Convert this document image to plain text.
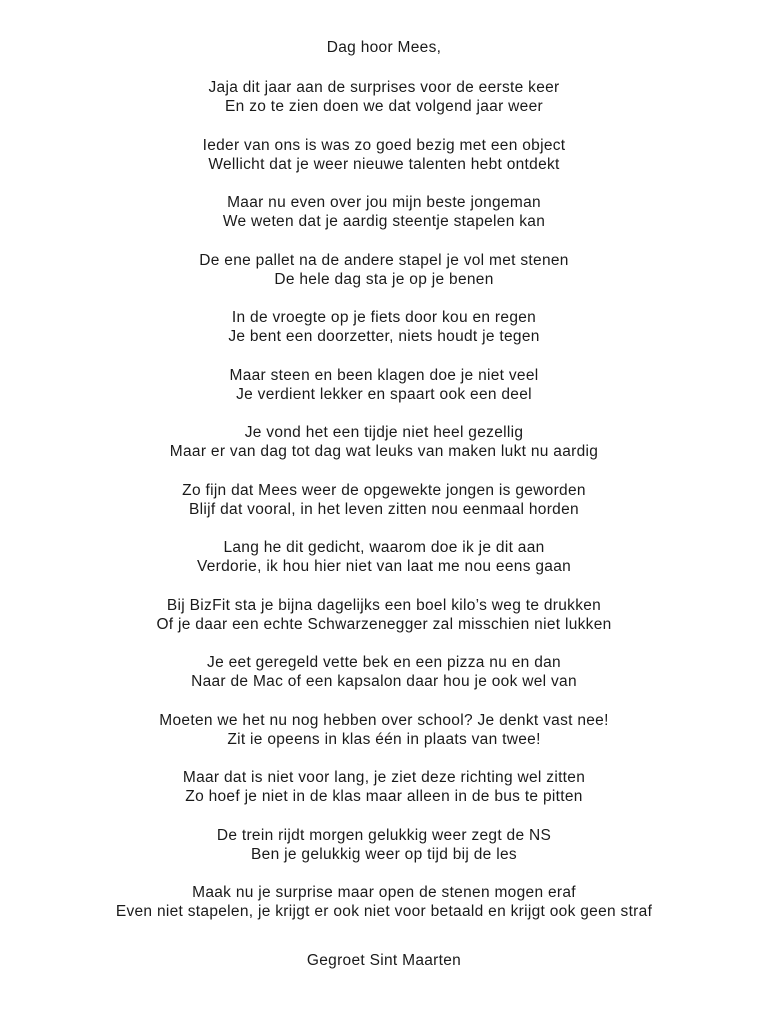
Dag hoor Mees,
Jaja dit jaar aan de surprises voor de eerste keer
En zo te zien doen we dat volgend jaar weer
Ieder van ons is was zo goed bezig met een object
Wellicht dat je weer nieuwe talenten hebt ontdekt
Maar nu even over jou mijn beste jongeman
We weten dat je aardig steentje stapelen kan
De ene pallet na de andere stapel je vol met stenen
De hele dag sta je op je benen
In de vroegte op je fiets door kou en regen
Je bent een doorzetter, niets houdt je tegen
Maar steen en been klagen doe je niet veel
Je verdient lekker en spaart ook een deel
Je vond het een tijdje niet heel gezellig
Maar er van dag tot dag wat leuks van maken lukt nu aardig
Zo fijn dat Mees weer de opgewekte jongen is geworden
Blijf dat vooral, in het leven zitten nou eenmaal horden
Lang he dit gedicht, waarom doe ik je dit aan
Verdorie, ik hou hier niet van laat me nou eens gaan
Bij BizFit sta je bijna dagelijks een boel kilo’s weg te drukken
Of je daar een echte Schwarzenegger zal misschien niet lukken
Je eet geregeld vette bek en een pizza nu en dan
Naar de Mac of een kapsalon daar hou je ook wel van
Moeten we het nu nog hebben over school? Je denkt vast nee!
Zit ie opeens in klas één in plaats van twee!
Maar dat is niet voor lang, je ziet deze richting wel zitten
Zo hoef je niet in de klas maar alleen in de bus te pitten
De trein rijdt morgen gelukkig weer zegt de NS
Ben je gelukkig weer op tijd bij de les
Maak nu je surprise maar open de stenen mogen eraf
Even niet stapelen, je krijgt er ook niet voor betaald en krijgt ook geen straf
Gegroet Sint Maarten
